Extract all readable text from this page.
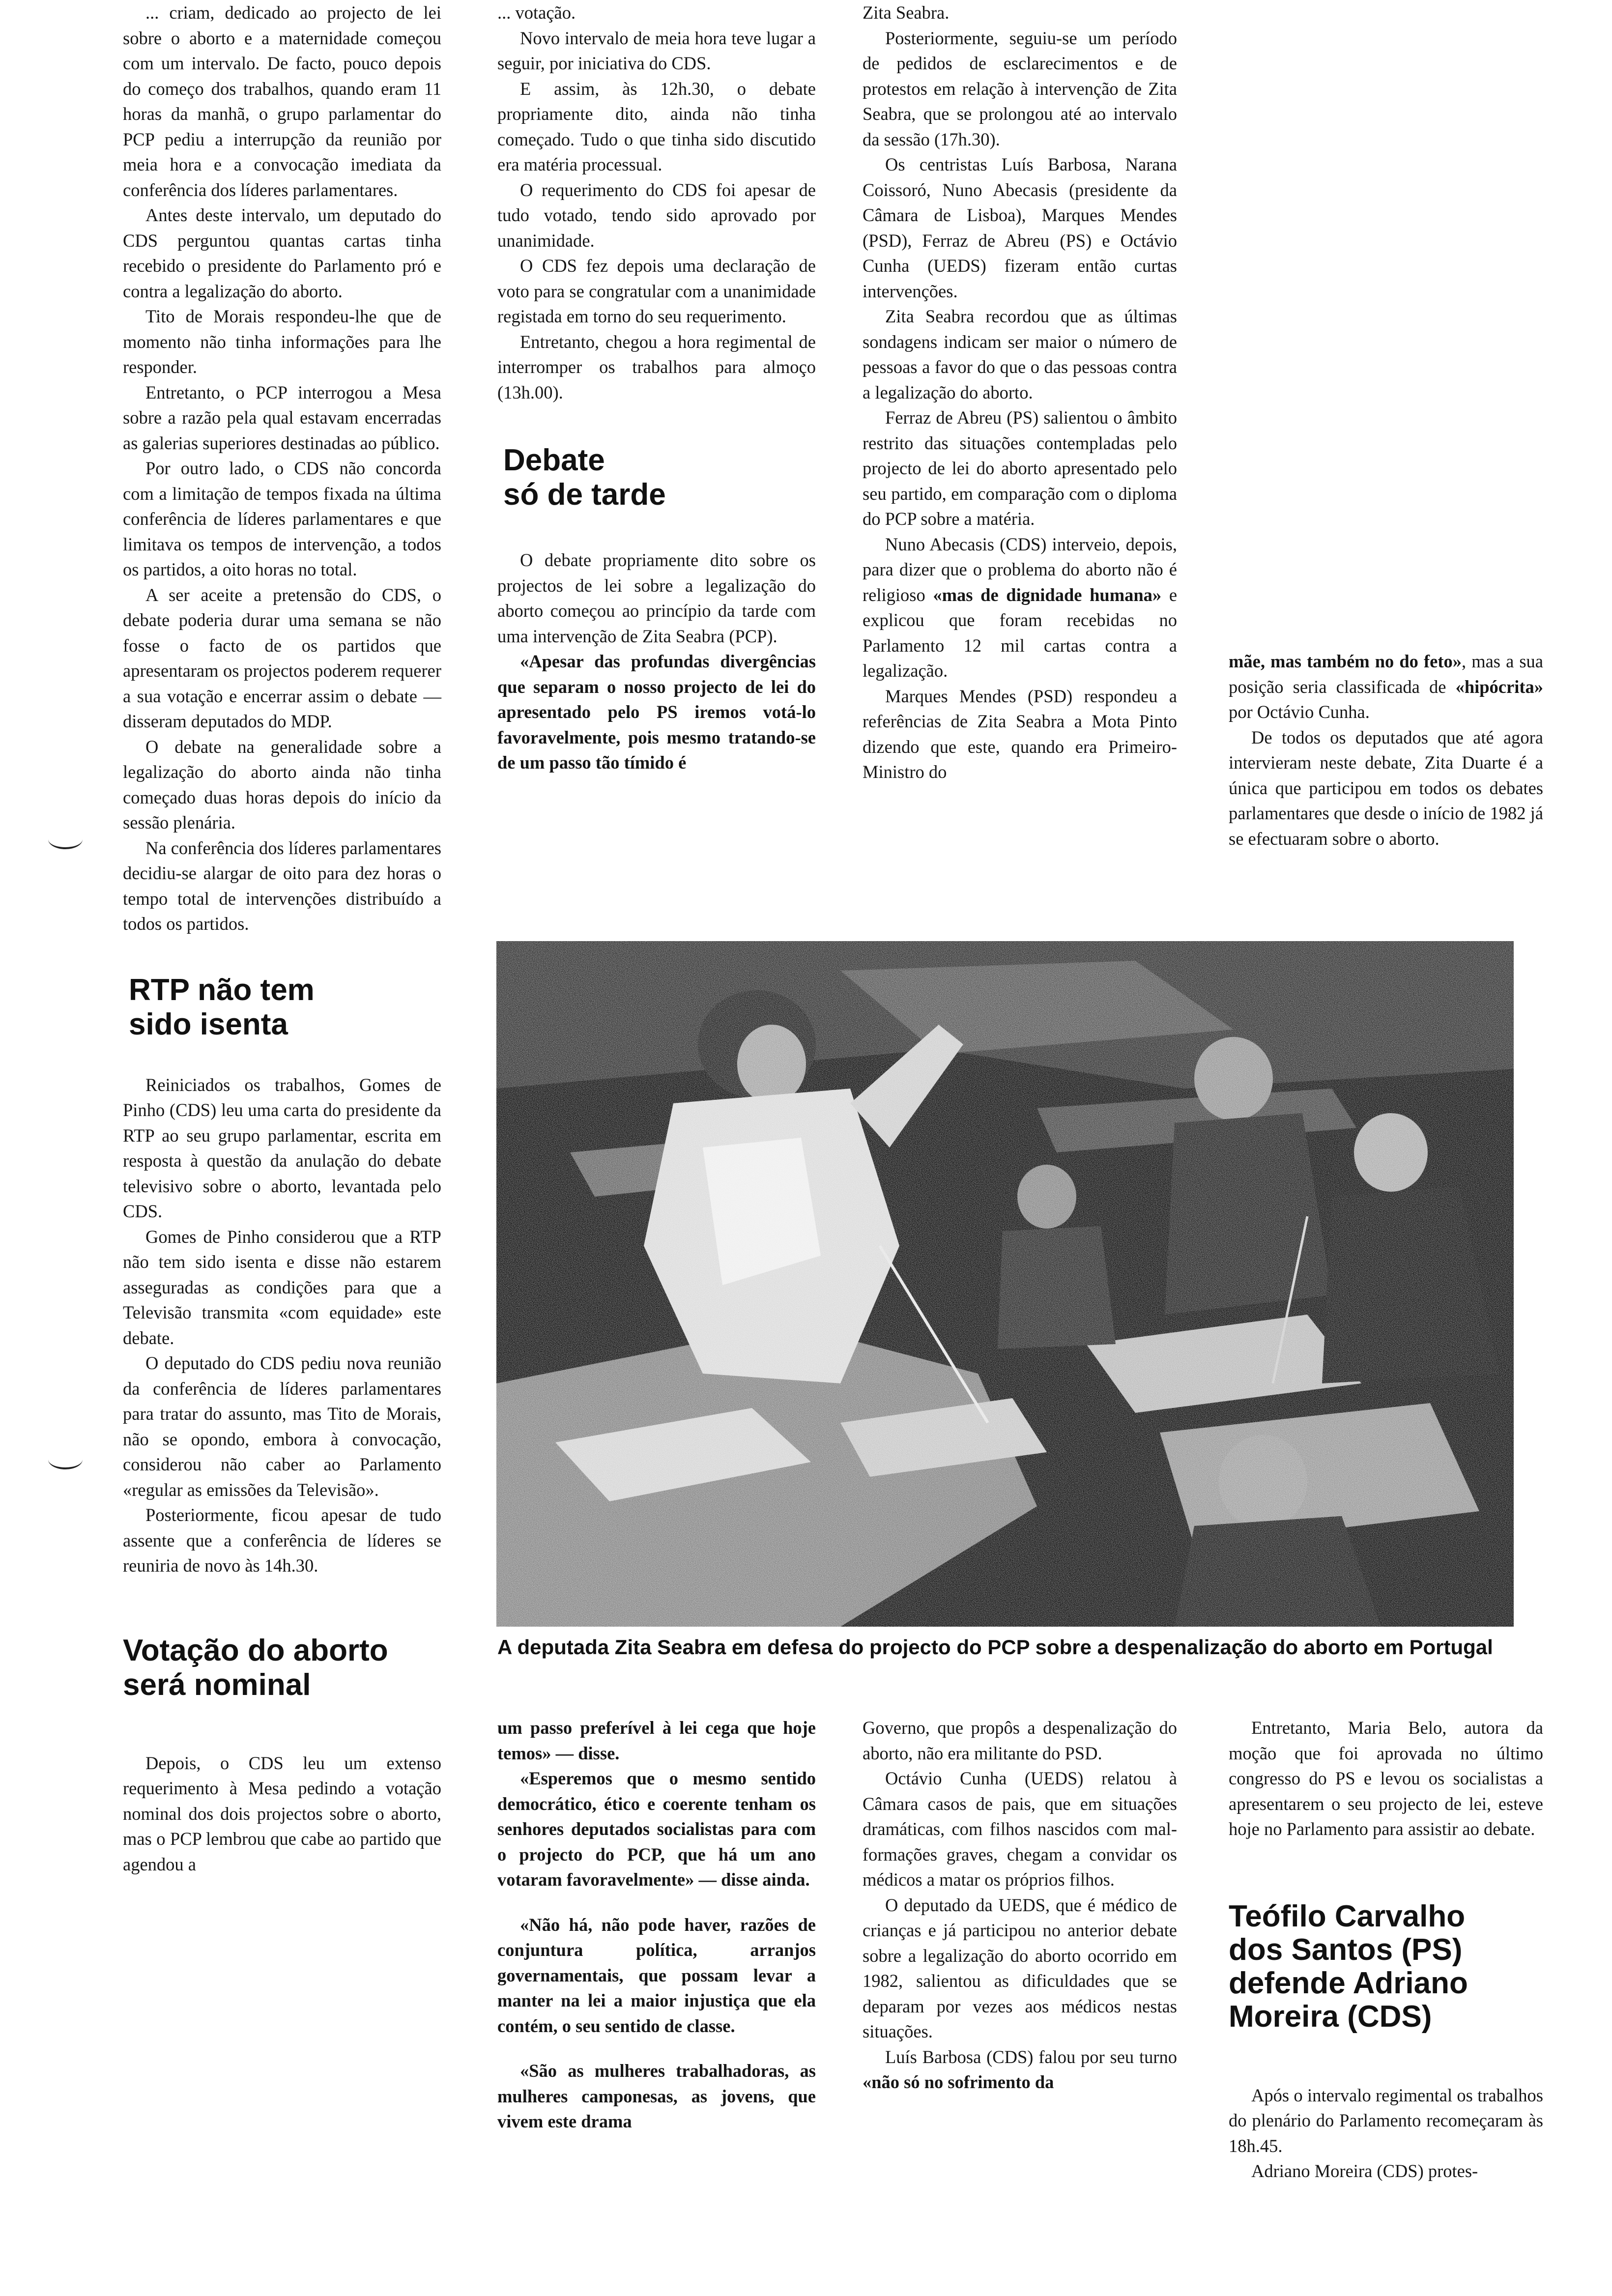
... criam, dedicado ao projecto de lei sobre o aborto e a maternidade começou com um intervalo. De facto, pouco depois do começo dos trabalhos, quando eram 11 horas da manhã, o grupo parlamentar do PCP pediu a interrupção da reunião por meia hora e a convocação imediata da conferência dos líderes parlamentares.

Antes deste intervalo, um deputado do CDS perguntou quantas cartas tinha recebido o presidente do Parlamento pró e contra a legalização do aborto.

Tito de Morais respondeu-lhe que de momento não tinha informações para lhe responder.

Entretanto, o PCP interrogou a Mesa sobre a razão pela qual estavam encerradas as galerias superiores destinadas ao público.

Por outro lado, o CDS não concorda com a limitação de tempos fixada na última conferência de líderes parlamentares e que limitava os tempos de intervenção, a todos os partidos, a oito horas no total.

A ser aceite a pretensão do CDS, o debate poderia durar uma semana se não fosse o facto de os partidos que apresentaram os projectos poderem requerer a sua votação e encerrar assim o debate — disseram deputados do MDP.

O debate na generalidade sobre a legalização do aborto ainda não tinha começado duas horas depois do início da sessão plenária.

Na conferência dos líderes parlamentares decidiu-se alargar de oito para dez horas o tempo total de intervenções distribuído a todos os partidos.

RTP não tem
sido isenta

Reiniciados os trabalhos, Gomes de Pinho (CDS) leu uma carta do presidente da RTP ao seu grupo parlamentar, escrita em resposta à questão da anulação do debate televisivo sobre o aborto, levantada pelo CDS.

Gomes de Pinho considerou que a RTP não tem sido isenta e disse não estarem asseguradas as condições para que a Televisão transmita «com equidade» este debate.

O deputado do CDS pediu nova reunião da conferência de líderes parlamentares para tratar do assunto, mas Tito de Morais, não se opondo, embora à convocação, considerou não caber ao Parlamento «regular as emissões da Televisão».

Posteriormente, ficou apesar de tudo assente que a conferência de líderes se reuniria de novo às 14h.30.

Votação do aborto
será nominal

Depois, o CDS leu um extenso requerimento à Mesa pedindo a votação nominal dos dois projectos sobre o aborto, mas o PCP lembrou que cabe ao partido que agendou a

... votação.

Novo intervalo de meia hora teve lugar a seguir, por iniciativa do CDS.

E assim, às 12h.30, o debate propriamente dito, ainda não tinha começado. Tudo o que tinha sido discutido era matéria processual.

O requerimento do CDS foi apesar de tudo votado, tendo sido aprovado por unanimidade.

O CDS fez depois uma declaração de voto para se congratular com a unanimidade registada em torno do seu requerimento.

Entretanto, chegou a hora regimental de interromper os trabalhos para almoço (13h.00).

Debate
só de tarde

O debate propriamente dito sobre os projectos de lei sobre a legalização do aborto começou ao princípio da tarde com uma intervenção de Zita Seabra (PCP).

«Apesar das profundas divergências que separam o nosso projecto de lei do apresentado pelo PS iremos votá-lo favoravelmente, pois mesmo tratando-se de um passo tão tímido é

um passo preferível à lei cega que hoje temos» — disse.

«Esperemos que o mesmo sentido democrático, ético e coerente tenham os senhores deputados socialistas para com o projecto do PCP, que há um ano votaram favoravelmente» — disse ainda.

«Não há, não pode haver, razões de conjuntura política, arranjos governamentais, que possam levar a manter na lei a maior injustiça que ela contém, o seu sentido de classe.

«São as mulheres trabalhadoras, as mulheres camponesas, as jovens, que vivem este drama

Zita Seabra.

Posteriormente, seguiu-se um período de pedidos de esclarecimentos e de protestos em relação à intervenção de Zita Seabra, que se prolongou até ao intervalo da sessão (17h.30).

Os centristas Luís Barbosa, Narana Coissoró, Nuno Abecasis (presidente da Câmara de Lisboa), Marques Mendes (PSD), Ferraz de Abreu (PS) e Octávio Cunha (UEDS) fizeram então curtas intervenções.

Zita Seabra recordou que as últimas sondagens indicam ser maior o número de pessoas a favor do que o das pessoas contra a legalização do aborto.

Ferraz de Abreu (PS) salientou o âmbito restrito das situações contempladas pelo projecto de lei do aborto apresentado pelo seu partido, em comparação com o diploma do PCP sobre a matéria.

Nuno Abecasis (CDS) interveio, depois, para dizer que o problema do aborto não é religioso «mas de dignidade humana» e explicou que foram recebidas no Parlamento 12 mil cartas contra a legalização.

Marques Mendes (PSD) respondeu a referências de Zita Seabra a Mota Pinto dizendo que este, quando era Primeiro-Ministro do

Governo, que propôs a despenalização do aborto, não era militante do PSD.

Octávio Cunha (UEDS) relatou à Câmara casos de pais, que em situações dramáticas, com filhos nascidos com mal-formações graves, chegam a convidar os médicos a matar os próprios filhos.

O deputado da UEDS, que é médico de crianças e já participou no anterior debate sobre a legalização do aborto ocorrido em 1982, salientou as dificuldades que se deparam por vezes aos médicos nestas situações.

Luís Barbosa (CDS) falou por seu turno «não só no sofrimento da

mãe, mas também no do feto», mas a sua posição seria classificada de «hipócrita» por Octávio Cunha.

De todos os deputados que até agora intervieram neste debate, Zita Duarte é a única que participou em todos os debates parlamentares que desde o início de 1982 já se efectuaram sobre o aborto.

Entretanto, Maria Belo, autora da moção que foi aprovada no último congresso do PS e levou os socialistas a apresentarem o seu projecto de lei, esteve hoje no Parlamento para assistir ao debate.

Teófilo Carvalho
dos Santos (PS)
defende Adriano
Moreira (CDS)

Após o intervalo regimental os trabalhos do plenário do Parlamento recomeçaram às 18h.45.

Adriano Moreira (CDS) protes-

A deputada Zita Seabra em defesa do projecto do PCP sobre a despenalização do aborto em Portugal
